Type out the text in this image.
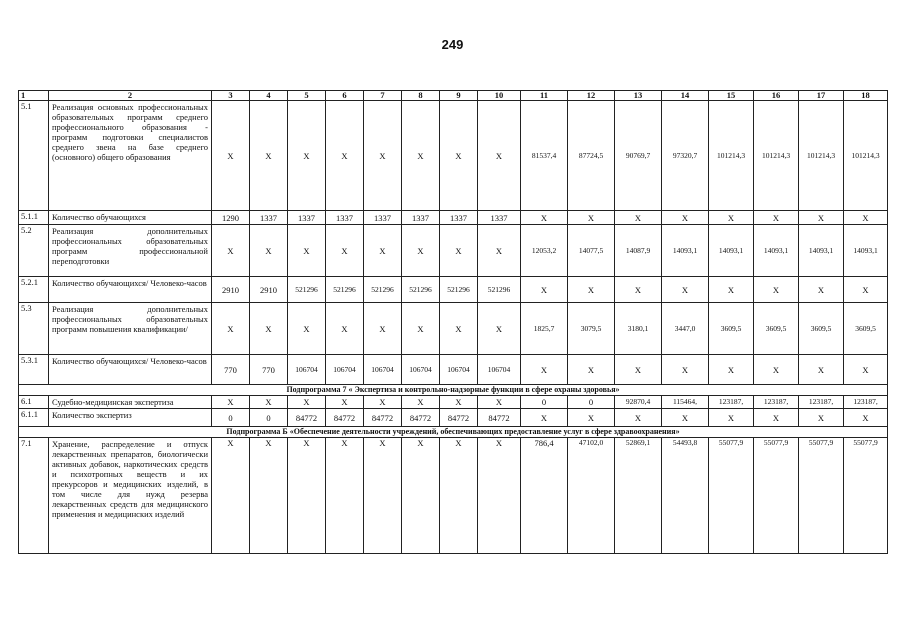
249
1	2	3	4	5	6	7	8	9	10	11	12	13	14	15	16	17	18
5.1	Реализация основных профессиональных образовательных программ среднего профессионального образования - программ подготовки специалистов среднего звена на базе среднего (основного) общего образования	X	X	X	X	X	X	X	X	81537,4	87724,5	90769,7	97320,7	101214,3	101214,3	101214,3	101214,3
5.1.1	Количество обучающихся	1290	1337	1337	1337	1337	1337	1337	1337	X	X	X	X	X	X	X	X
5.2	Реализация дополнительных профессиональных образовательных программ профессиональной переподготовки	X	X	X	X	X	X	X	X	12053,2	14077,5	14087,9	14093,1	14093,1	14093,1	14093,1	14093,1
5.2.1	Количество обучающихся/ Человеко-часов	2910	2910	521296	521296	521296	521296	521296	521296	X	X	X	X	X	X	X	X
5.3	Реализация дополнительных профессиональных образовательных программ повышения квалификации/	X	X	X	X	X	X	X	X	1825,7	3079,5	3180,1	3447,0	3609,5	3609,5	3609,5	3609,5
5.3.1	Количество обучающихся/ Человеко-часов	770	770	106704	106704	106704	106704	106704	106704	X	X	X	X	X	X	X	X
Подпрограмма 7 « Экспертиза и контрольно-надзорные функции в сфере охраны здоровья»																	
6.1	Судебно-медицинская экспертиза	X	X	X	X	X	X	X	X	0	0	92870,4	115464,	123187,	123187,	123187,	123187,
6.1.1	Количество экспертиз	0	0	84772	84772	84772	84772	84772	84772	X	X	X	X	X	X	X	X
Подпрограмма Б «Обеспечение деятельности учреждений, обеспечивающих предоставление услуг в сфере здравоохранения»																	
7.1	Хранение, распределение и отпуск лекарственных препаратов, биологически активных добавок, наркотических средств и психотропных веществ и их прекурсоров и медицинских изделий, в том числе для нужд резерва лекарственных средств для медицинского применения и медицинских изделий	X	X	X	X	X	X	X	X	786,4	47102,0	52869,1	54493,8	55077,9	55077,9	55077,9	55077,9
